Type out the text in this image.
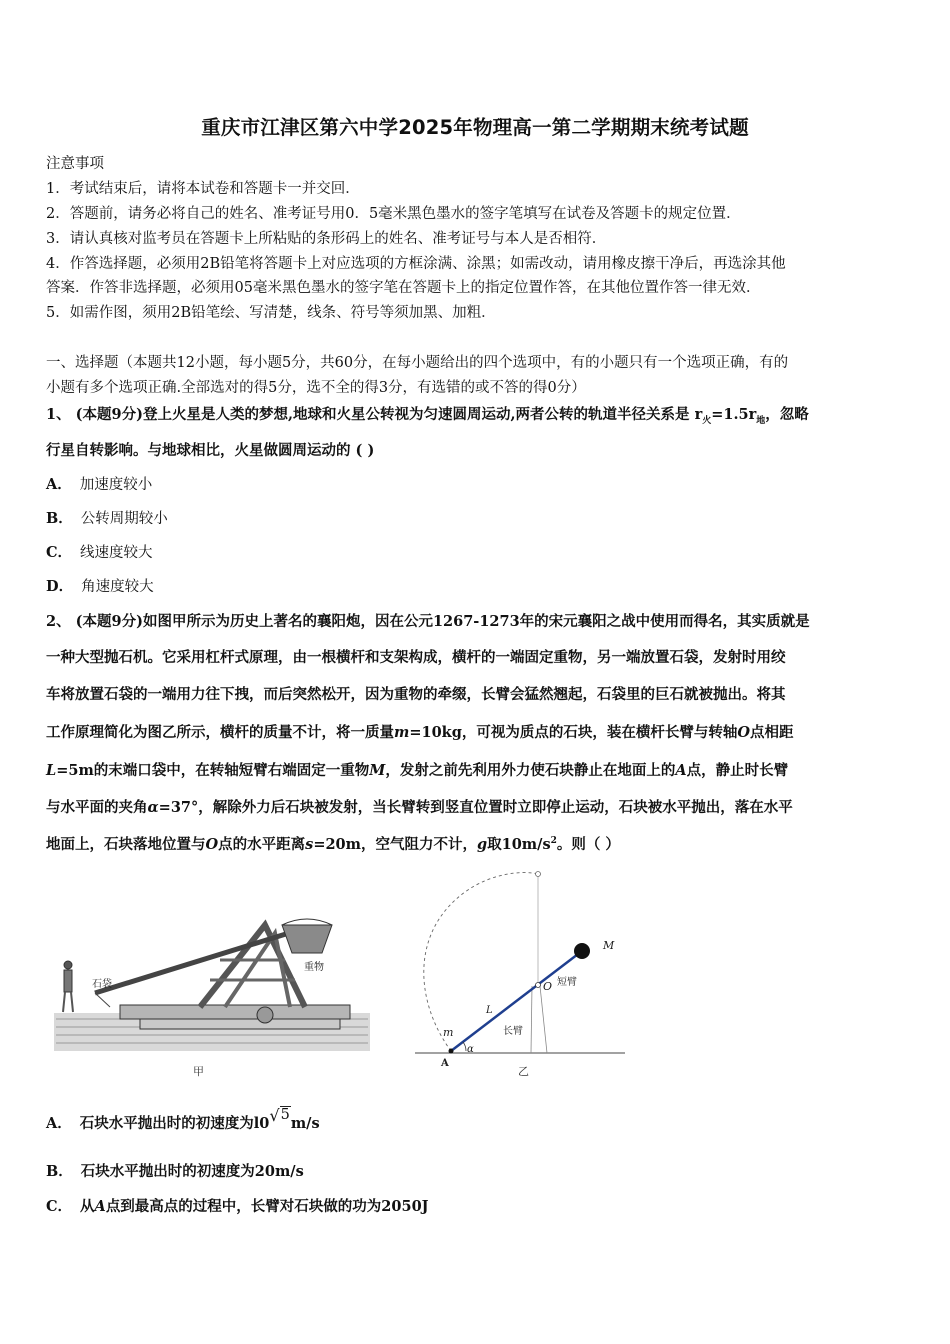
重庆市江津区第六中学2025年物理高一第二学期期末统考试题
注意事项
1．考试结束后，请将本试卷和答题卡一并交回．
2．答题前，请务必将自己的姓名、准考证号用0．5毫米黑色墨水的签字笔填写在试卷及答题卡的规定位置．
3．请认真核对监考员在答题卡上所粘贴的条形码上的姓名、准考证号与本人是否相符．
4．作答选择题，必须用2B铅笔将答题卡上对应选项的方框涂满、涂黑；如需改动，请用橡皮擦干净后，再选涂其他
答案．作答非选择题，必须用05毫米黑色墨水的签字笔在答题卡上的指定位置作答，在其他位置作答一律无效．
5．如需作图，须用2B铅笔绘、写清楚，线条、符号等须加黑、加粗．
一、选择题（本题共12小题，每小题5分，共60分，在每小题给出的四个选项中，有的小题只有一个选项正确，有的
小题有多个选项正确.全部选对的得5分，选不全的得3分，有选错的或不答的得0分）
1、 (本题9分)登上火星是人类的梦想,地球和火星公转视为匀速圆周运动,两者公转的轨道半径关系是 $r_火=1.5r_地$，忽略
行星自转影响。与地球相比，火星做圆周运动的 ( )
A． 加速度较小
B． 公转周期较小
C． 线速度较大
D． 角速度较大
2、 (本题9分)如图甲所示为历史上著名的襄阳炮，因在公元1267-1273年的宋元襄阳之战中使用而得名，其实质就是
一种大型抛石机。它采用杠杆式原理，由一根横杆和支架构成，横杆的一端固定重物，另一端放置石袋，发射时用绞
车将放置石袋的一端用力往下拽，而后突然松开，因为重物的牵缀，长臂会猛然翘起，石袋里的巨石就被抛出。将其
工作原理简化为图乙所示，横杆的质量不计，将一质量m=10kg，可视为质点的石块，装在横杆长臂与转轴O点相距
L=5m的末端口袋中，在转轴短臂右端固定一重物M，发射之前先利用外力使石块静止在地面上的A点，静止时长臂
与水平面的夹角α=37°，解除外力后石块被发射，当长臂转到竖直位置时立即停止运动，石块被水平抛出，落在水平
地面上，石块落地位置与O点的水平距离s=20m，空气阻力不计，g取$10m/s^2$。则（ ）
石袋
重物
甲
M
O 短臂
L
长臂
m
α
A
乙
A． 石块水平抛出时的初速度为l0√5m/s
B． 石块水平抛出时的初速度为20m/s
C． 从A点到最高点的过程中，长臂对石块做的功为2050J
